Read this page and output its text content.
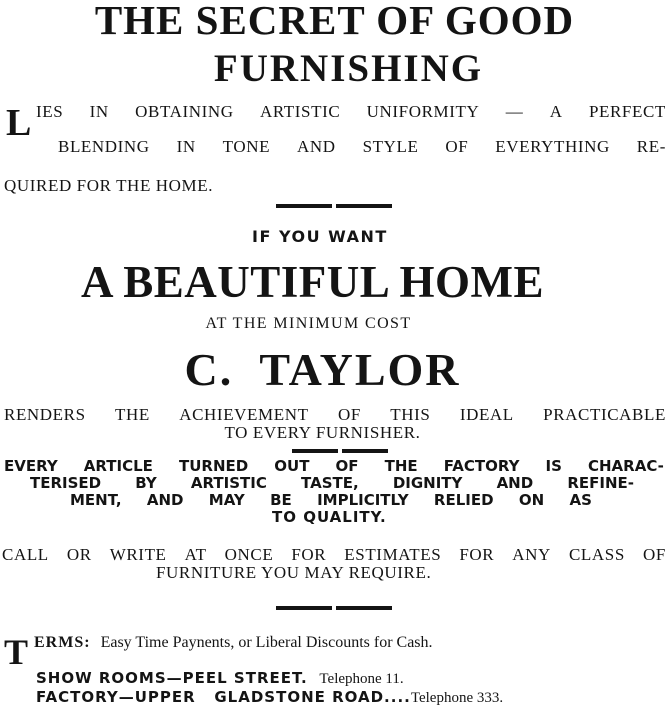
THE SECRET OF GOOD
FURNISHING
L IES IN OBTAINING ARTISTIC UNIFORMITY — A PERFECT
BLENDING IN TONE AND STYLE OF EVERYTHING RE-
QUIRED FOR THE HOME.
IF YOU WANT
A BEAUTIFUL HOME
AT THE MINIMUM COST
C.  TAYLOR
RENDERS THE ACHIEVEMENT OF THIS IDEAL PRACTICABLE
TO EVERY FURNISHER.
EVERY ARTICLE TURNED OUT OF THE FACTORY IS CHARAC-
TERISED BY ARTISTIC TASTE, DIGNITY AND REFINE-
MENT, AND MAY BE IMPLICITLY RELIED ON AS
TO QUALITY.
CALL OR WRITE AT ONCE FOR ESTIMATES FOR ANY CLASS OF
FURNITURE YOU MAY REQUIRE.
T ERMS: Easy Time Paynents, or Liberal Discounts for Cash.
SHOW ROOMS—PEEL STREET. Telephone 11.
FACTORY—UPPER   GLADSTONE ROAD....Telephone 333.
